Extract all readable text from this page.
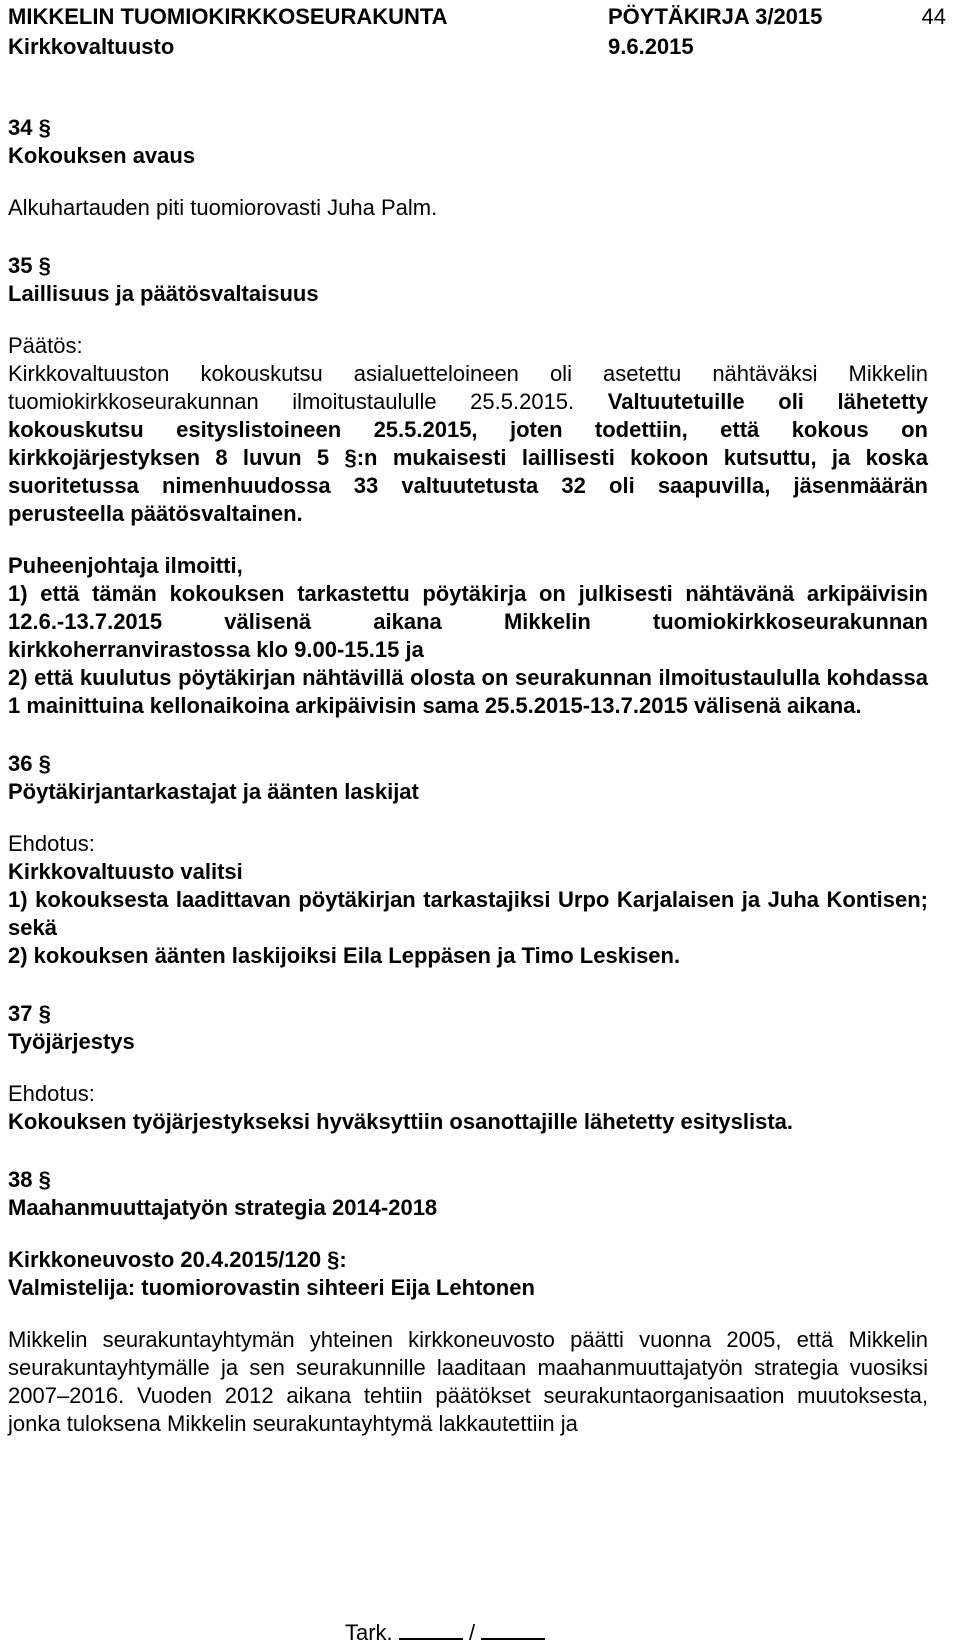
MIKKELIN TUOMIOKIRKKOSEURAKUNTA	PÖYTÄKIRJA 3/2015	44
Kirkkovaltuusto	9.6.2015
34 §
Kokouksen avaus

Alkuhartauden piti tuomiorovasti Juha Palm.

35 §
Laillisuus ja päätösvaltaisuus
Päätös:

Kirkkovaltuuston kokouskutsu asialuetteloineen oli asetettu nähtäväksi Mikkelin tuomiokirkkoseurakunnan ilmoitustaululle 25.5.2015. Valtuutetuille oli lähetetty kokouskutsu esityslistoineen 25.5.2015, joten todettiin, että kokous on kirkkojärjestyksen 8 luvun 5 §:n mukaisesti laillisesti kokoon kutsuttu, ja koska suoritetussa nimenhuudossa 33 valtuutetusta 32 oli saapuvilla, jäsenmäärän perusteella päätösvaltainen.

Puheenjohtaja ilmoitti,

1) että tämän kokouksen tarkastettu pöytäkirja on julkisesti nähtävänä arkipäivisin 12.6.-13.7.2015 välisenä aikana Mikkelin tuomiokirkkoseurakunnan kirkkoherranvirastossa klo 9.00-15.15 ja

2) että kuulutus pöytäkirjan nähtävillä olosta on seurakunnan ilmoitustaululla kohdassa 1 mainittuina kellonaikoina arkipäivisin sama 25.5.2015-13.7.2015 välisenä aikana.

36 §
Pöytäkirjantarkastajat ja äänten laskijat
Ehdotus:

Kirkkovaltuusto valitsi

1) kokouksesta laadittavan pöytäkirjan tarkastajiksi Urpo Karjalaisen ja Juha Kontisen; sekä

2) kokouksen äänten laskijoiksi Eila Leppäsen ja Timo Leskisen.

37 §
Työjärjestys
Ehdotus:

Kokouksen työjärjestykseksi hyväksyttiin osanottajille lähetetty esityslista.

38 §
Maahanmuuttajatyön strategia 2014-2018

Kirkkoneuvosto 20.4.2015/120 §:

Valmistelija: tuomiorovastin sihteeri Eija Lehtonen

Mikkelin seurakuntayhtymän yhteinen kirkkoneuvosto päätti vuonna 2005, että Mikkelin seurakuntayhtymälle ja sen seurakunnille laaditaan maahanmuuttajatyön strategia vuosiksi 2007–2016. Vuoden 2012 aikana tehtiin päätökset seurakuntaorganisaation muutoksesta, jonka tuloksena Mikkelin seurakuntayhtymä lakkautettiin ja

Tark.	/
